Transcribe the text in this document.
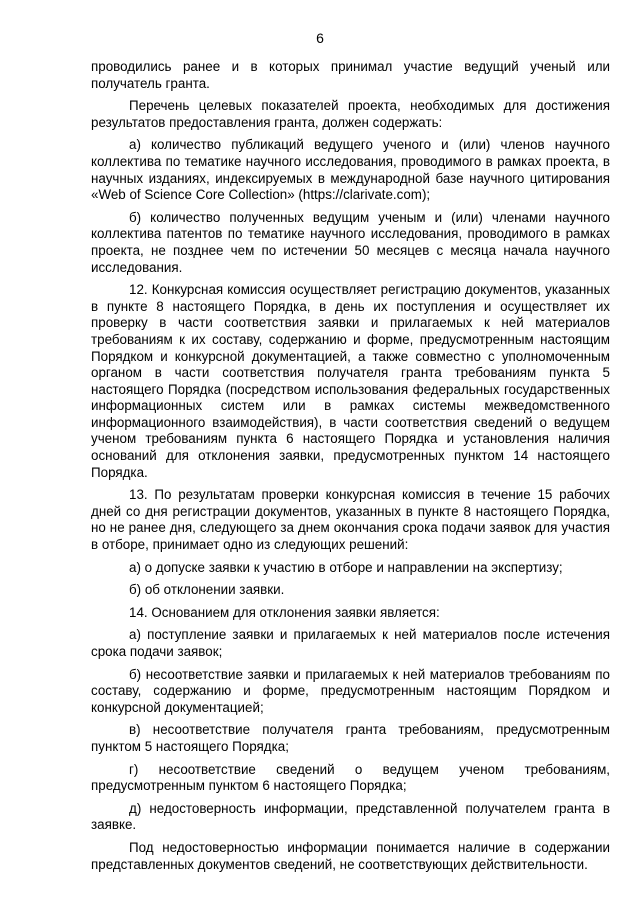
6

проводились ранее и в которых принимал участие ведущий ученый или получатель гранта.

Перечень целевых показателей проекта, необходимых для достижения результатов предоставления гранта, должен содержать:

а) количество публикаций ведущего ученого и (или) членов научного коллектива по тематике научного исследования, проводимого в рамках проекта, в научных изданиях, индексируемых в международной базе научного цитирования «Web of Science Core Collection» (https://clarivate.com);

б) количество полученных ведущим ученым и (или) членами научного коллектива патентов по тематике научного исследования, проводимого в рамках проекта, не позднее чем по истечении 50 месяцев с месяца начала научного исследования.

12. Конкурсная комиссия осуществляет регистрацию документов, указанных в пункте 8 настоящего Порядка, в день их поступления и осуществляет их проверку в части соответствия заявки и прилагаемых к ней материалов требованиям к их составу, содержанию и форме, предусмотренным настоящим Порядком и конкурсной документацией, а также совместно с уполномоченным органом в части соответствия получателя гранта требованиям пункта 5 настоящего Порядка (посредством использования федеральных государственных информационных систем или в рамках системы межведомственного информационного взаимодействия), в части соответствия сведений о ведущем ученом требованиям пункта 6 настоящего Порядка и установления наличия оснований для отклонения заявки, предусмотренных пунктом 14 настоящего Порядка.

13. По результатам проверки конкурсная комиссия в течение 15 рабочих дней со дня регистрации документов, указанных в пункте 8 настоящего Порядка, но не ранее дня, следующего за днем окончания срока подачи заявок для участия в отборе, принимает одно из следующих решений:

а) о допуске заявки к участию в отборе и направлении на экспертизу;

б) об отклонении заявки.

14. Основанием для отклонения заявки является:

а) поступление заявки и прилагаемых к ней материалов после истечения срока подачи заявок;

б) несоответствие заявки и прилагаемых к ней материалов требованиям по составу, содержанию и форме, предусмотренным настоящим Порядком и конкурсной документацией;

в) несоответствие получателя гранта требованиям, предусмотренным пунктом 5 настоящего Порядка;

г) несоответствие сведений о ведущем ученом требованиям, предусмотренным пунктом 6 настоящего Порядка;

д) недостоверность информации, представленной получателем гранта в заявке.

Под недостоверностью информации понимается наличие в содержании представленных документов сведений, не соответствующих действительности.
